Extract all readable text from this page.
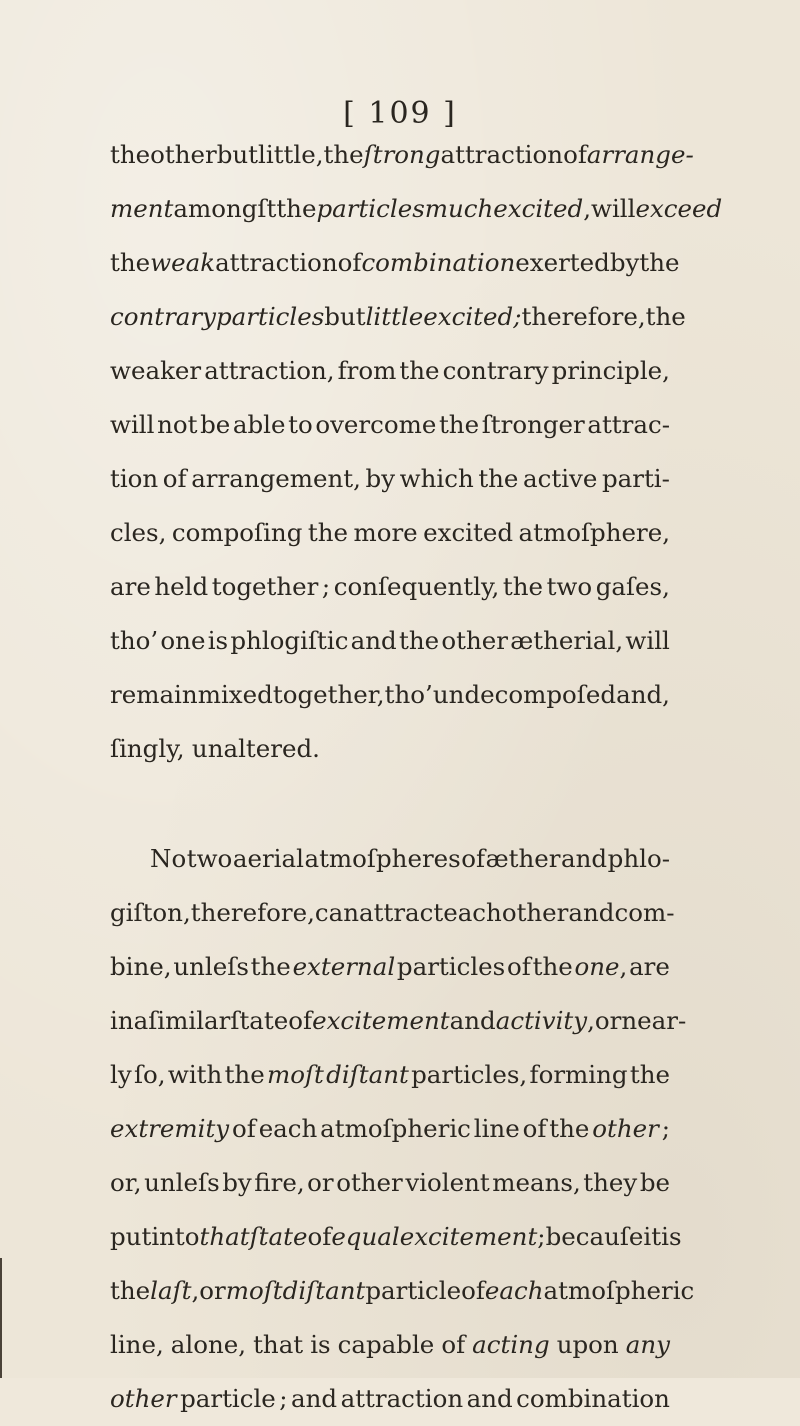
[ 109 ]
the other but little, the ſtrong attraction of arrange-
ment amongſt the particles much excited, will exceed
the weak attraction of combination exerted by the
contrary particles but little excited ; therefore, the
weaker attraction, from the contrary principle,
will not be able to overcome the ſtronger attrac-
tion of arrangement, by which the active parti-
cles, compoſing the more excited atmoſphere,
are held together ; conſequently, the two gaſes,
tho’ one is phlogiſtic and the other ætherial, will
remain mixed together, tho’ undecompoſed and,
ſingly, unaltered.
No two aerial atmoſpheres of æther and phlo-
giſton, therefore, can attract each other and com-
bine, unleſs the external particles of the one, are
in a ſimilar ſtate of excitement and activity, or near-
ly ſo, with the moſt diſtant particles, forming the
extremity of each atmoſpheric line of the other ;
or, unleſs by fire, or other violent means, they be
put into that ſtate of equal excitement ; becauſe it is
the laſt, or moſt diſtant particle of each atmoſpheric
line, alone, that is capable of acting upon any
other particle ; and attraction and combination
